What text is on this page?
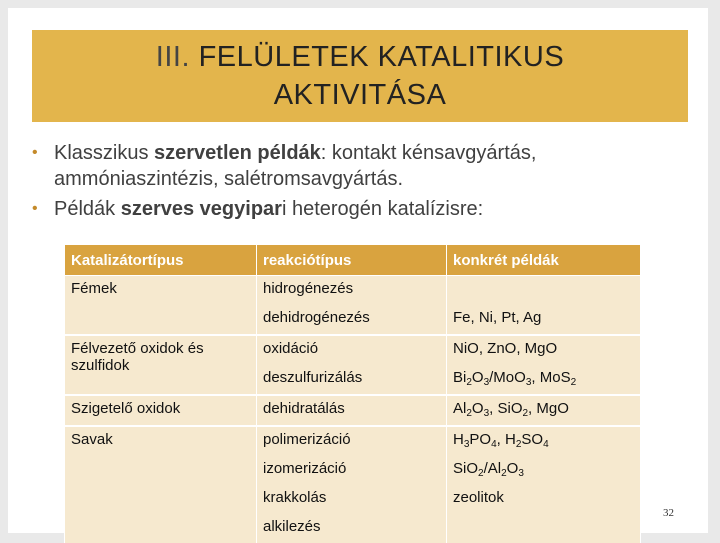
III. FELÜLETEK KATALITIKUS
AKTIVITÁSA
• Klasszikus szervetlen példák: kontakt kénsavgyártás, ammóniaszintézis, salétromsavgyártás.
• Példák szerves vegyipari heterogén katalízisre:
Katalizátortípus	reakciótípus	konkrét példák
Fémek	hidrogénezés	
	dehidrogénezés	Fe, Ni, Pt, Ag
Félvezető oxidok és szulfidok	oxidáció	NiO, ZnO, MgO
	deszulfurizálás	$Bi_2O_3/MoO_3$, MoS$_2$
Szigetelő oxidok	dehidratálás	$Al_2O_3$, SiO$_2$, MgO
Savak	polimerizáció	$H_3PO_4$, $H_2SO_4$
	izomerizáció	$SiO_2/Al_2O_3$
	krakkolás	zeolitok
	alkilezés	
32
